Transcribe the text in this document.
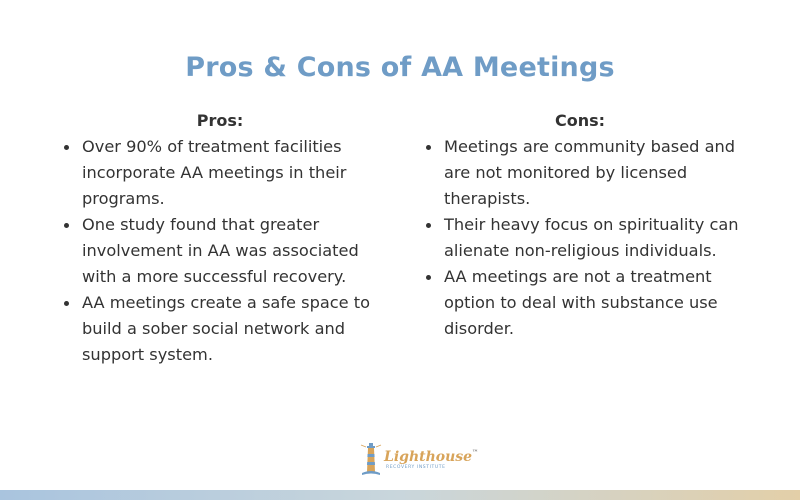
Pros & Cons of AA Meetings
Pros:
Over 90% of treatment facilities incorporate AA meetings in their programs.
One study found that greater involvement in AA was associated with a more successful recovery.
AA meetings create a safe space to build a sober social network and support system.
Cons:
Meetings are community based and are not monitored by licensed therapists.
Their heavy focus on spirituality can alienate non-religious individuals.
AA meetings are not a treatment option to deal with substance use disorder.
Lighthouse™
RECOVERY INSTITUTE
